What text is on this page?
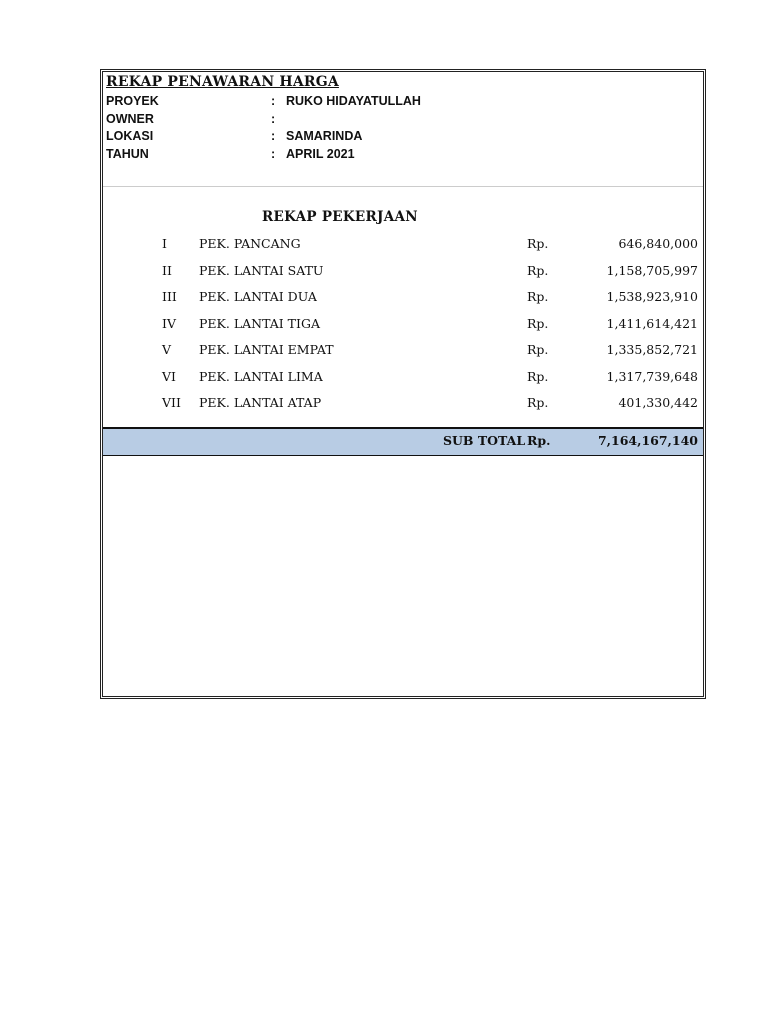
REKAP PENAWARAN HARGA
PROYEK	: RUKO HIDAYATULLAH
OWNER	:
LOKASI	: SAMARINDA
TAHUN	: APRIL 2021
REKAP PEKERJAAN
I	PEK. PANCANG	Rp.	646,840,000
II PEK. LANTAI SATU	Rp.	1,158,705,997
III PEK. LANTAI DUA	Rp.	1,538,923,910
IV PEK. LANTAI TIGA	Rp.	1,411,614,421
V PEK. LANTAI EMPAT	Rp.	1,335,852,721
VI PEK. LANTAI LIMA	Rp.	1,317,739,648
VII PEK. LANTAI ATAP	Rp.	401,330,442
SUB TOTAL Rp.	7,164,167,140
